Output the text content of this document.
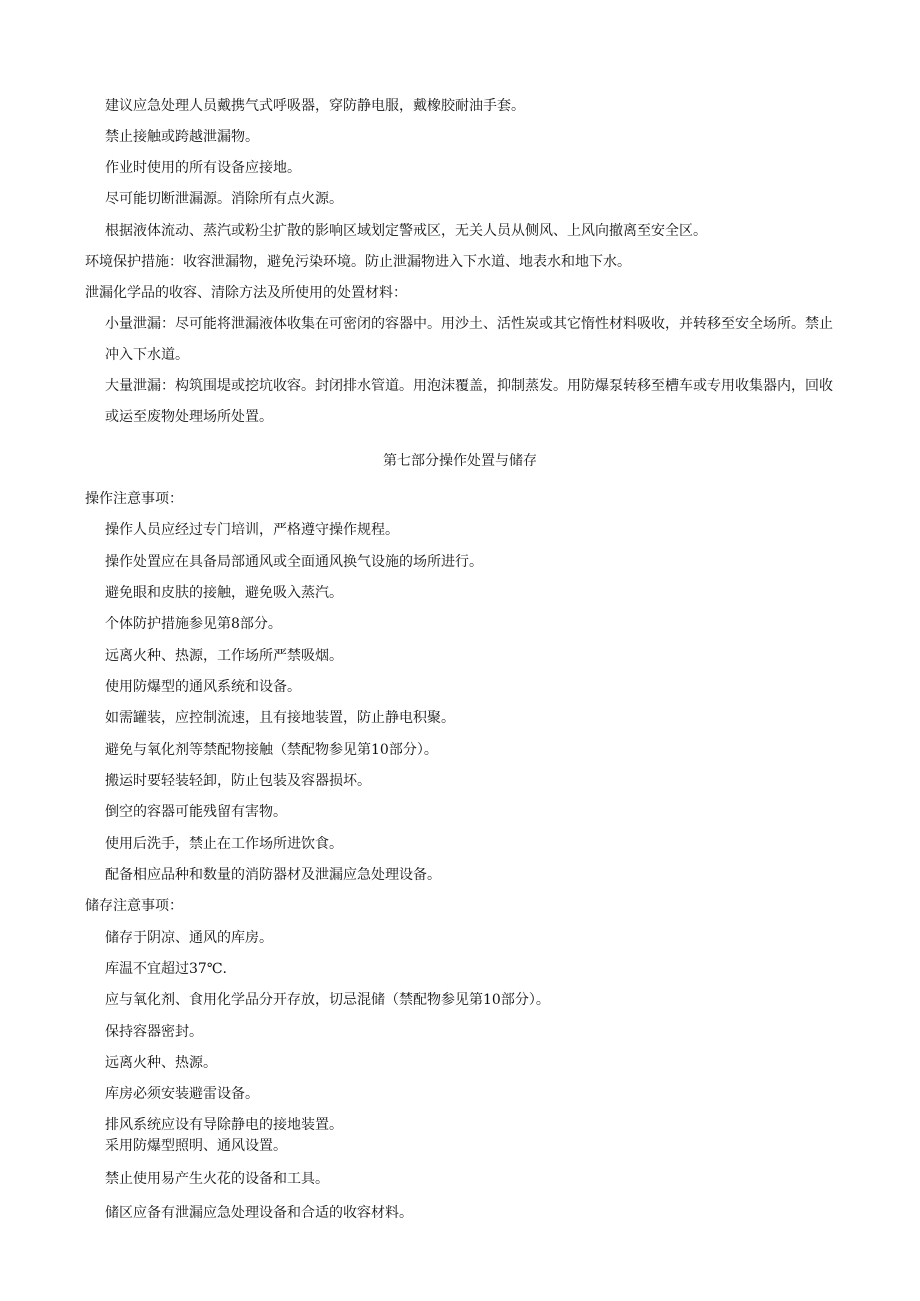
建议应急处理人员戴携气式呼吸器，穿防静电服，戴橡胶耐油手套。
禁止接触或跨越泄漏物。
作业时使用的所有设备应接地。
尽可能切断泄漏源。消除所有点火源。
根据液体流动、蒸汽或粉尘扩散的影响区域划定警戒区，无关人员从侧风、上风向撤离至安全区。
环境保护措施：收容泄漏物，避免污染环境。防止泄漏物进入下水道、地表水和地下水。
泄漏化学品的收容、清除方法及所使用的处置材料：
小量泄漏：尽可能将泄漏液体收集在可密闭的容器中。用沙土、活性炭或其它惰性材料吸收，并转移至安全场所。禁止冲入下水道。
大量泄漏：构筑围堤或挖坑收容。封闭排水管道。用泡沫覆盖，抑制蒸发。用防爆泵转移至槽车或专用收集器内，回收或运至废物处理场所处置。
第七部分操作处置与储存
操作注意事项：
操作人员应经过专门培训，严格遵守操作规程。
操作处置应在具备局部通风或全面通风换气设施的场所进行。
避免眼和皮肤的接触，避免吸入蒸汽。
个体防护措施参见第8部分。
远离火种、热源，工作场所严禁吸烟。
使用防爆型的通风系统和设备。
如需罐装，应控制流速，且有接地装置，防止静电积聚。
避免与氧化剂等禁配物接触（禁配物参见第10部分）。
搬运时要轻装轻卸，防止包装及容器损坏。
倒空的容器可能残留有害物。
使用后洗手，禁止在工作场所进饮食。
配备相应品种和数量的消防器材及泄漏应急处理设备。
储存注意事项：
储存于阴凉、通风的库房。
库温不宜超过37℃.
应与氧化剂、食用化学品分开存放，切忌混储（禁配物参见第10部分）。
保持容器密封。
远离火种、热源。
库房必须安装避雷设备。
排风系统应设有导除静电的接地装置。
采用防爆型照明、通风设置。
禁止使用易产生火花的设备和工具。
储区应备有泄漏应急处理设备和合适的收容材料。
